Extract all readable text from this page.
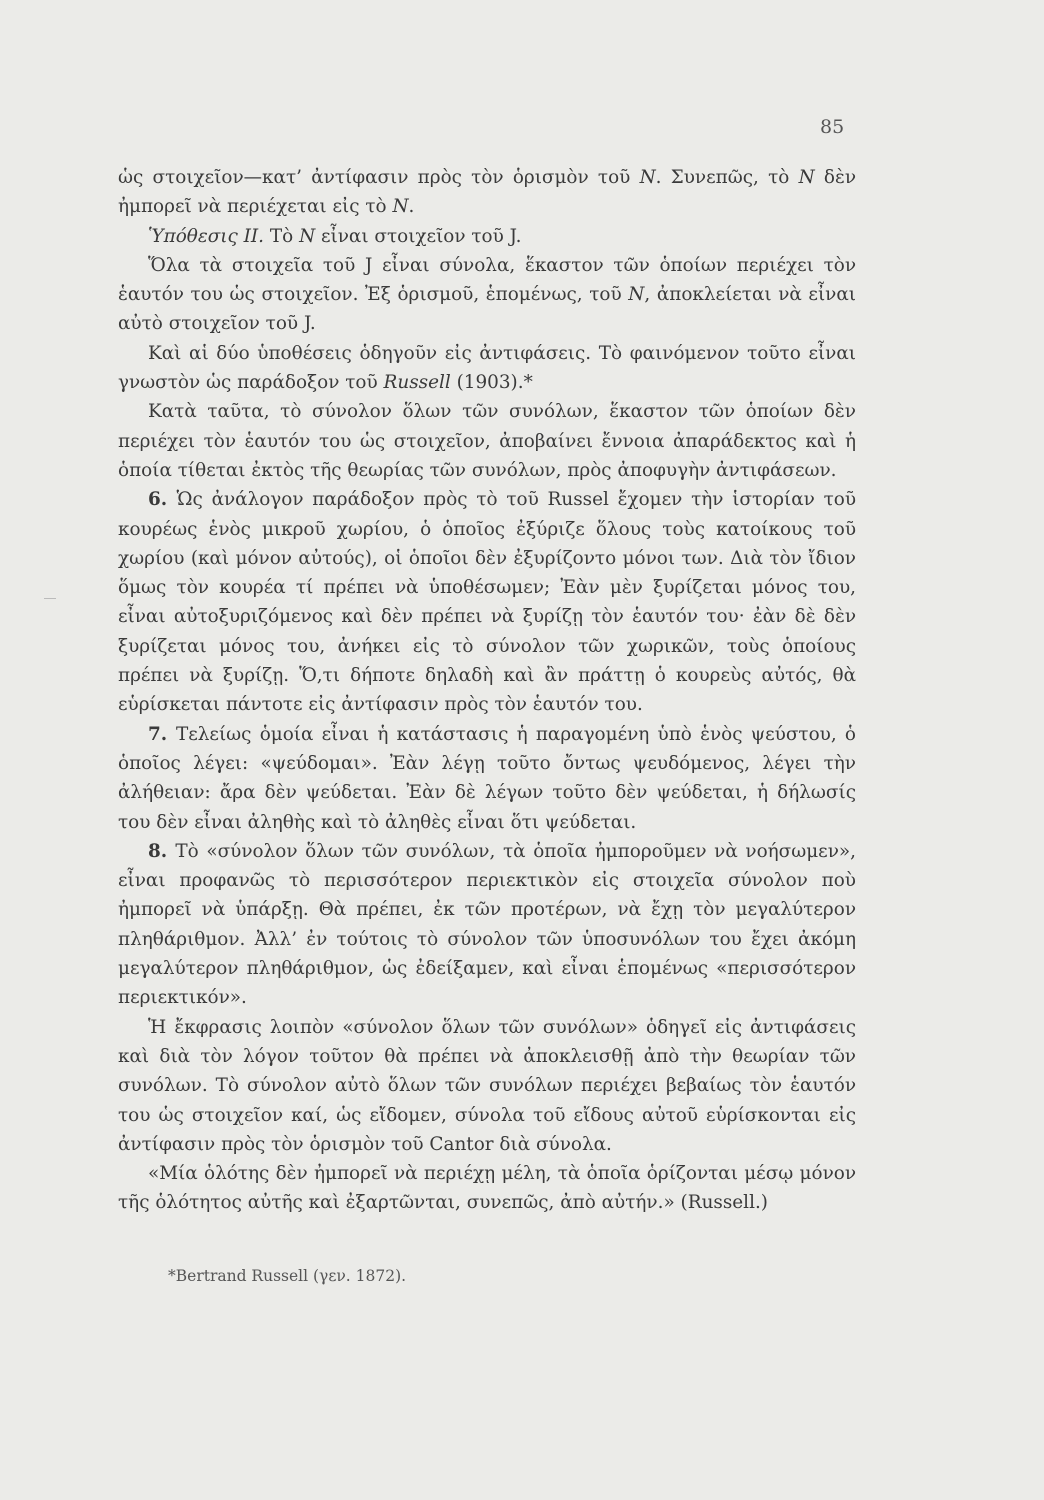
85

ὡς στοιχεῖον—κατ’ ἀντίφασιν πρὸς τὸν ὁρισμὸν τοῦ N. Συνεπῶς, τὸ N δὲν ἠμπορεῖ νὰ περιέχεται εἰς τὸ N.

Ὑπόθεσις ΙΙ. Τὸ N εἶναι στοιχεῖον τοῦ J.

Ὅλα τὰ στοιχεῖα τοῦ J εἶναι σύνολα, ἕκαστον τῶν ὁποίων περιέχει τὸν ἑαυτόν του ὡς στοιχεῖον. Ἐξ ὁρισμοῦ, ἑπομένως, τοῦ N, ἀποκλείεται νὰ εἶναι αὐτὸ στοιχεῖον τοῦ J.

Καὶ αἱ δύο ὑποθέσεις ὁδηγοῦν εἰς ἀντιφάσεις. Τὸ φαινόμενον τοῦτο εἶναι γνωστὸν ὡς παράδοξον τοῦ Russell (1903).*

Κατὰ ταῦτα, τὸ σύνολον ὅλων τῶν συνόλων, ἕκαστον τῶν ὁποίων δὲν περιέχει τὸν ἑαυτόν του ὡς στοιχεῖον, ἀποβαίνει ἔννοια ἀπαράδεκτος καὶ ἡ ὁποία τίθεται ἐκτὸς τῆς θεωρίας τῶν συνόλων, πρὸς ἀποφυγὴν ἀντιφάσεων.

6. Ὡς ἀνάλογον παράδοξον πρὸς τὸ τοῦ Russel ἔχομεν τὴν ἱστορίαν τοῦ κουρέως ἑνὸς μικροῦ χωρίου, ὁ ὁποῖος ἐξύριζε ὅλους τοὺς κατοίκους τοῦ χωρίου (καὶ μόνον αὐτούς), οἱ ὁποῖοι δὲν ἐξυρίζοντο μόνοι των. Διὰ τὸν ἴδιον ὅμως τὸν κουρέα τί πρέπει νὰ ὑποθέσωμεν; Ἐὰν μὲν ξυρίζεται μόνος του, εἶναι αὐτοξυριζόμενος καὶ δὲν πρέπει νὰ ξυρίζῃ τὸν ἑαυτόν του· ἐὰν δὲ δὲν ξυρίζεται μόνος του, ἀνήκει εἰς τὸ σύνολον τῶν χωρικῶν, τοὺς ὁποίους πρέπει νὰ ξυρίζῃ. Ὅ,τι δήποτε δηλαδὴ καὶ ἂν πράττῃ ὁ κουρεὺς αὐτός, θὰ εὑρίσκεται πάντοτε εἰς ἀντίφασιν πρὸς τὸν ἑαυτόν του.

7. Τελείως ὁμοία εἶναι ἡ κατάστασις ἡ παραγομένη ὑπὸ ἑνὸς ψεύστου, ὁ ὁποῖος λέγει: «ψεύδομαι». Ἐὰν λέγῃ τοῦτο ὄντως ψευδόμενος, λέγει τὴν ἀλήθειαν: ἄρα δὲν ψεύδεται. Ἐὰν δὲ λέγων τοῦτο δὲν ψεύδεται, ἡ δήλωσίς του δὲν εἶναι ἀληθὴς καὶ τὸ ἀληθὲς εἶναι ὅτι ψεύδεται.

8. Τὸ «σύνολον ὅλων τῶν συνόλων, τὰ ὁποῖα ἠμποροῦμεν νὰ νοήσωμεν», εἶναι προφανῶς τὸ περισσότερον περιεκτικὸν εἰς στοιχεῖα σύνολον ποὺ ἠμπορεῖ νὰ ὑπάρξῃ. Θὰ πρέπει, ἐκ τῶν προτέρων, νὰ ἔχῃ τὸν μεγαλύτερον πληθάριθμον. Ἀλλ’ ἐν τούτοις τὸ σύνολον τῶν ὑποσυνόλων του ἔχει ἀκόμη μεγαλύτερον πληθάριθμον, ὡς ἐδείξαμεν, καὶ εἶναι ἑπομένως «περισσότερον περιεκτικόν».

Ἡ ἔκφρασις λοιπὸν «σύνολον ὅλων τῶν συνόλων» ὁδηγεῖ εἰς ἀντιφάσεις καὶ διὰ τὸν λόγον τοῦτον θὰ πρέπει νὰ ἀποκλεισθῇ ἀπὸ τὴν θεωρίαν τῶν συνόλων. Τὸ σύνολον αὐτὸ ὅλων τῶν συνόλων περιέχει βεβαίως τὸν ἑαυτόν του ὡς στοιχεῖον καί, ὡς εἴδομεν, σύνολα τοῦ εἴδους αὐτοῦ εὑρίσκονται εἰς ἀντίφασιν πρὸς τὸν ὁρισμὸν τοῦ Cantor διὰ σύνολα.

«Μία ὁλότης δὲν ἠμπορεῖ νὰ περιέχῃ μέλη, τὰ ὁποῖα ὁρίζονται μέσῳ μόνον τῆς ὁλότητος αὐτῆς καὶ ἐξαρτῶνται, συνεπῶς, ἀπὸ αὐτήν.» (Russell.)

*Bertrand Russell (γεν. 1872).
